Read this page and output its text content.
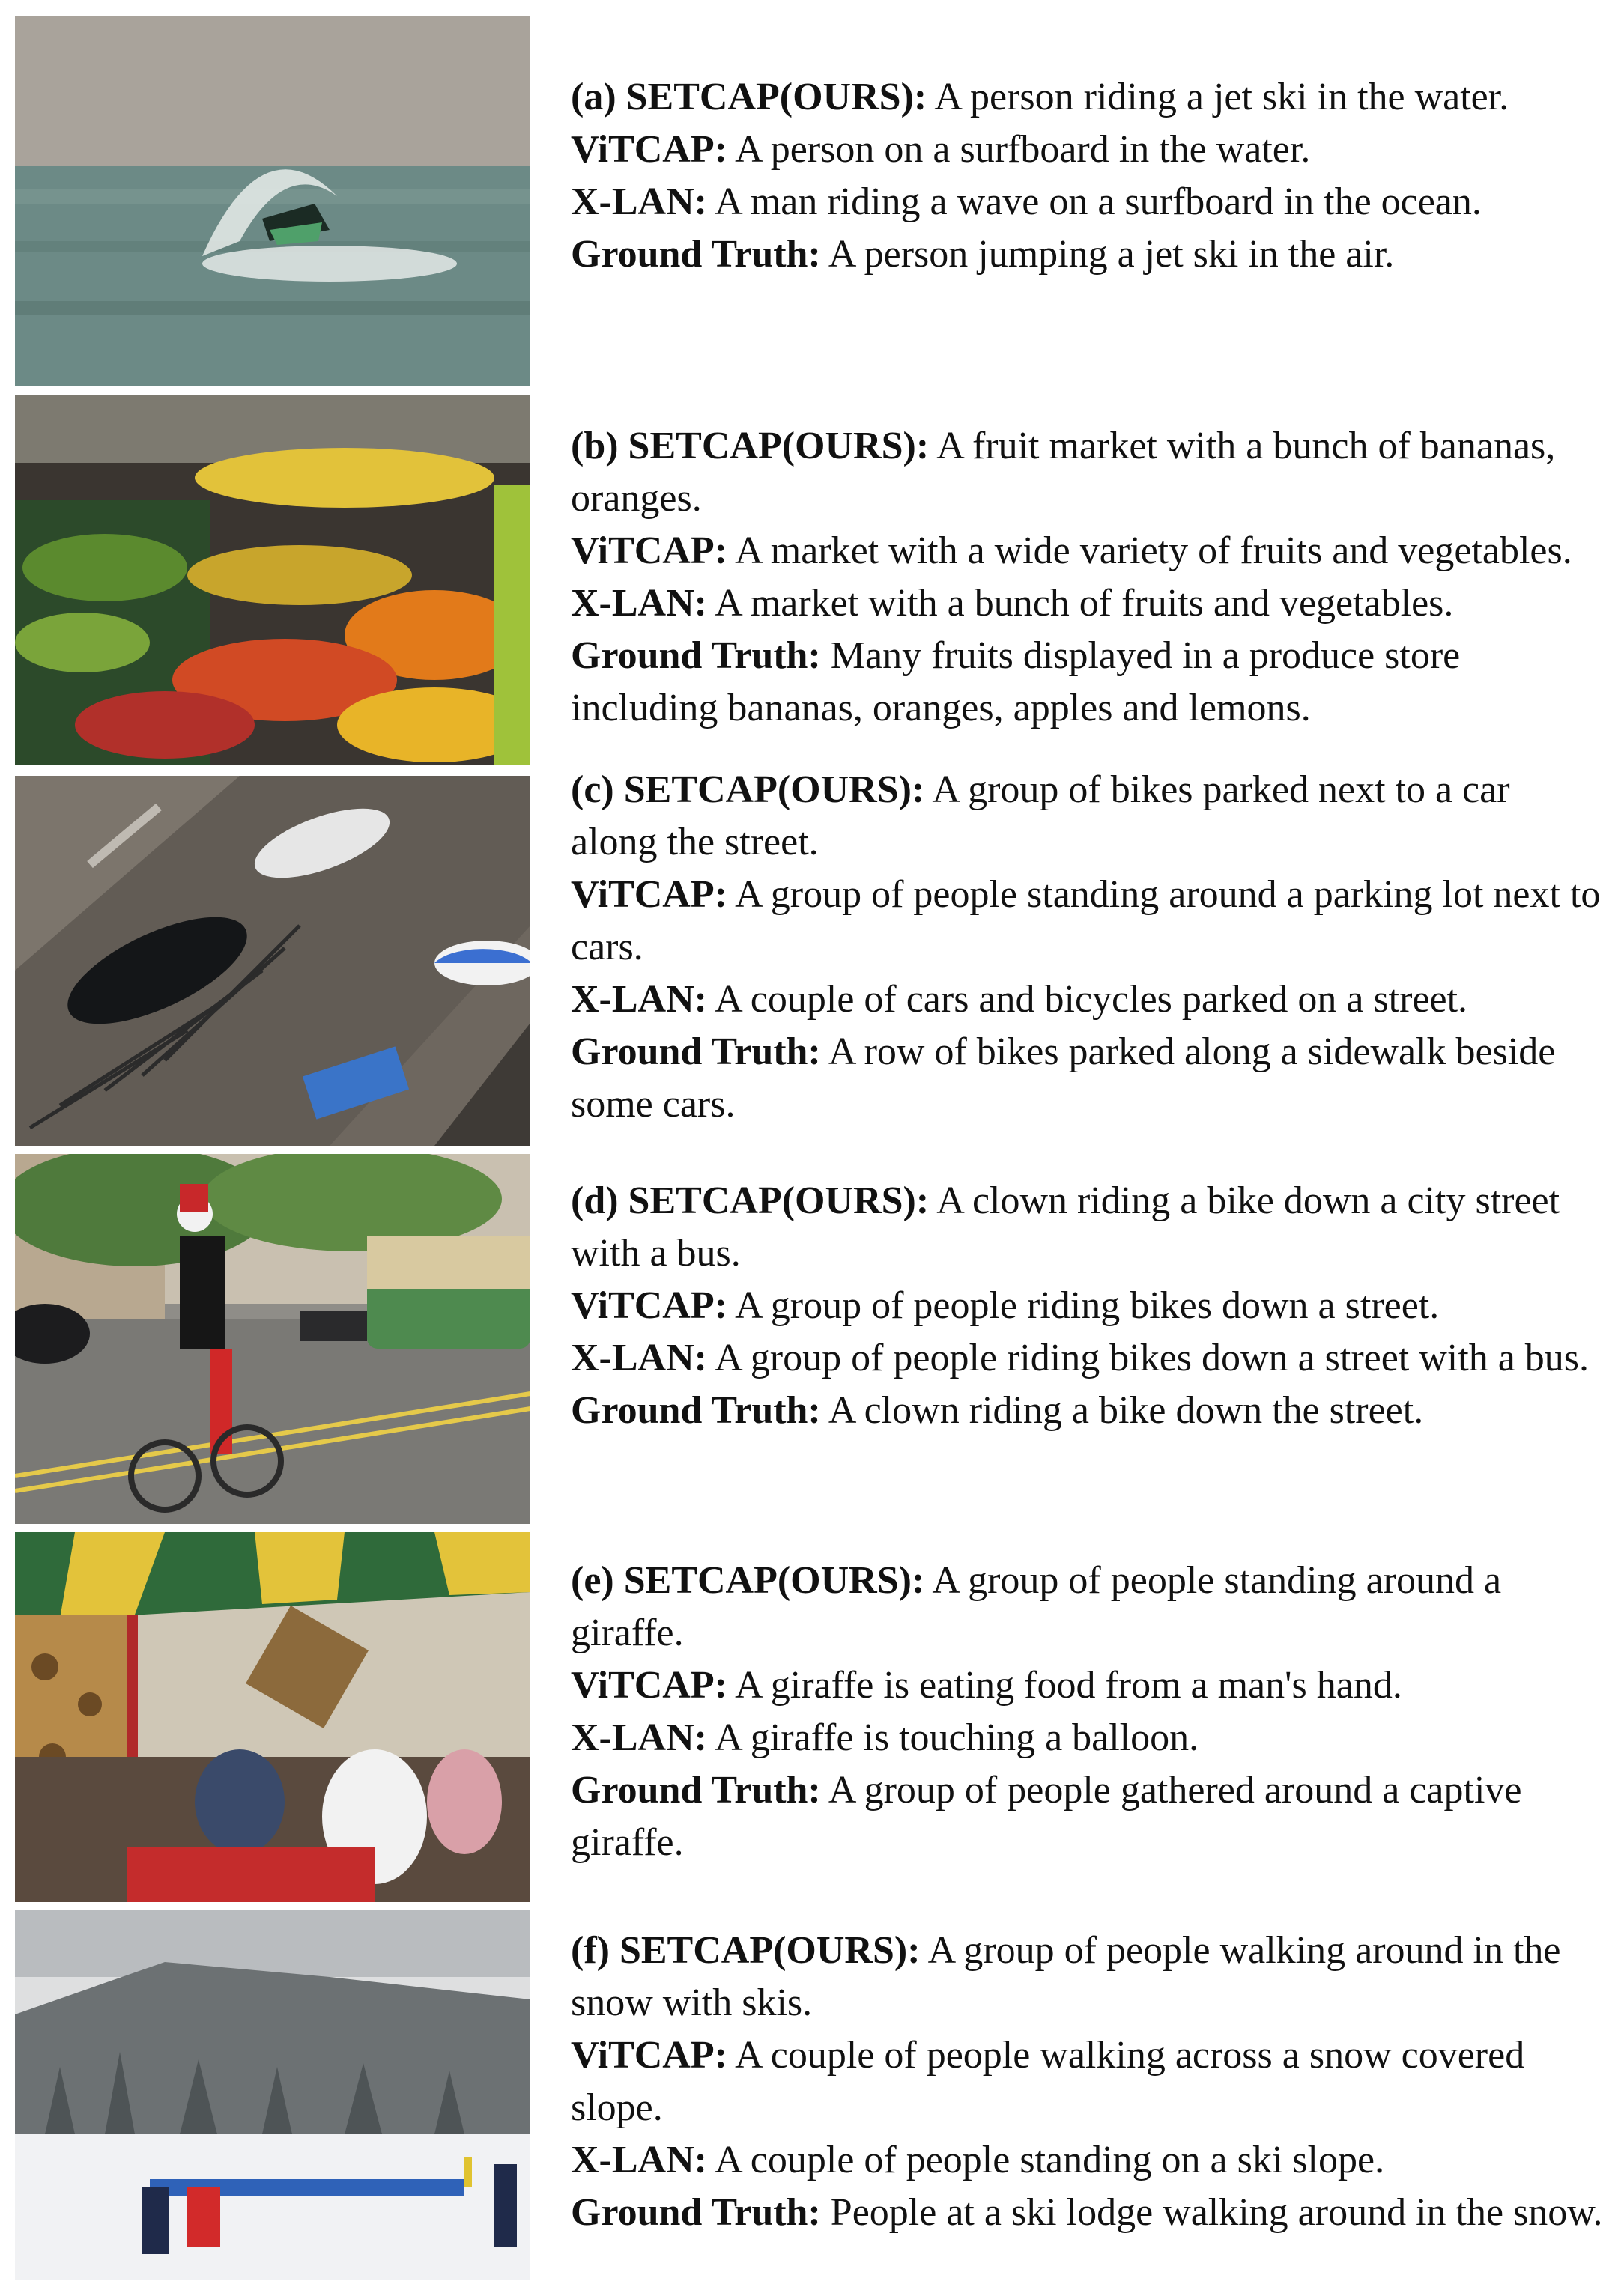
(a) SETCAP(OURS): A person riding a jet ski in the water.

ViTCAP: A person on a surfboard in the water.

X-LAN: A man riding a wave on a surfboard in the ocean.

Ground Truth: A person jumping a jet ski in the air.

(b) SETCAP(OURS): A fruit market with a bunch of bananas, oranges.

ViTCAP: A market with a wide variety of fruits and vegetables.

X-LAN: A market with a bunch of fruits and vegetables.

Ground Truth: Many fruits displayed in a produce store including bananas, oranges, apples and lemons.

(c) SETCAP(OURS): A group of bikes parked next to a car along the street.

ViTCAP: A group of people standing around a parking lot next to cars.

X-LAN: A couple of cars and bicycles parked on a street.

Ground Truth: A row of bikes parked along a sidewalk beside some cars.

(d) SETCAP(OURS): A clown riding a bike down a city street with a bus.

ViTCAP: A group of people riding bikes down a street.

X-LAN: A group of people riding bikes down a street with a bus.

Ground Truth: A clown riding a bike down the street.

(e) SETCAP(OURS): A group of people standing around a giraffe.

ViTCAP: A giraffe is eating food from a man's hand.

X-LAN: A giraffe is touching a balloon.

Ground Truth: A group of people gathered around a captive giraffe.

(f) SETCAP(OURS): A group of people walking around in the snow with skis.

ViTCAP: A couple of people walking across a snow covered slope.

X-LAN: A couple of people standing on a ski slope.

Ground Truth: People at a ski lodge walking around in the snow.
